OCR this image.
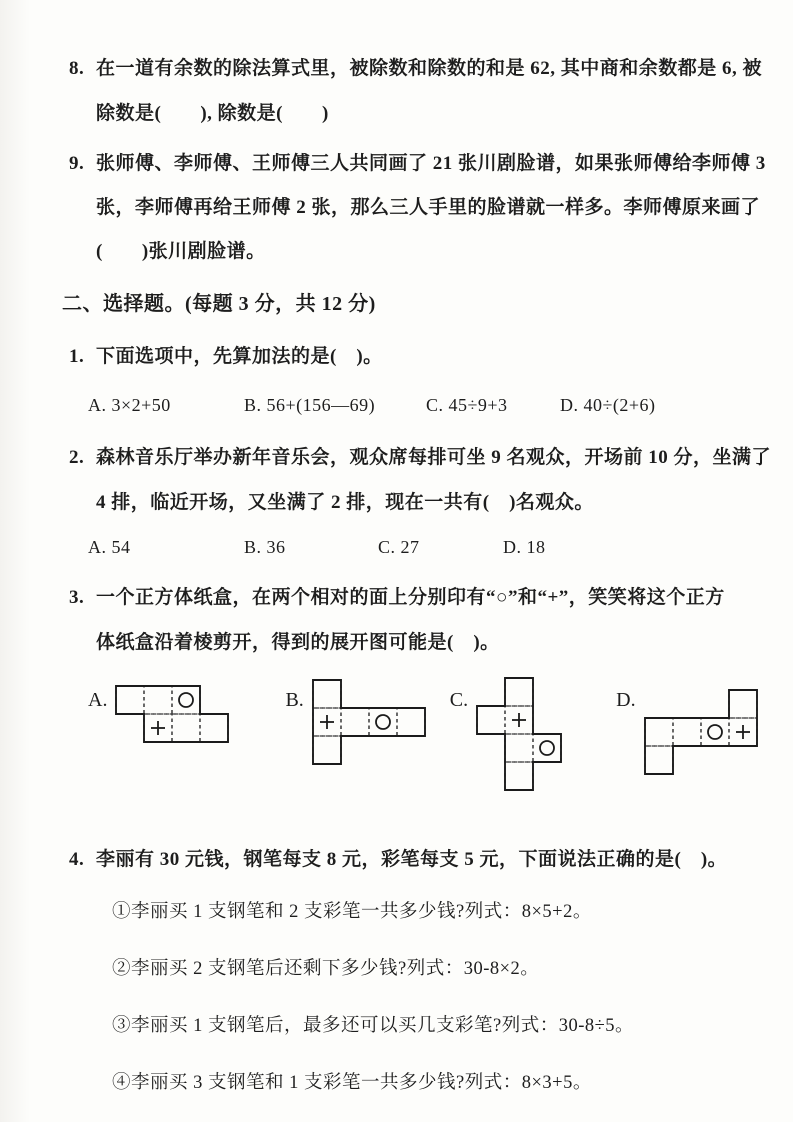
8. 在一道有余数的除法算式里，被除数和除数的和是 62, 其中商和余数都是 6, 被
除数是(　　), 除数是(　　)
9. 张师傅、李师傅、王师傅三人共同画了 21 张川剧脸谱，如果张师傅给李师傅 3
张，李师傅再给王师傅 2 张，那么三人手里的脸谱就一样多。李师傅原来画了
(　　)张川剧脸谱。
二、选择题。(每题 3 分，共 12 分)
1. 下面选项中，先算加法的是(　)。
A. 3×2+50	B. 56+(156—69)	C. 45÷9+3	D. 40÷(2+6)
2. 森林音乐厅举办新年音乐会，观众席每排可坐 9 名观众，开场前 10 分，坐满了
4 排，临近开场，又坐满了 2 排，现在一共有(　)名观众。
A. 54	B. 36	C. 27	D. 18
3. 一个正方体纸盒，在两个相对的面上分别印有“○”和“+”，笑笑将这个正方
体纸盒沿着棱剪开，得到的展开图可能是(　)。
A.	B.	C.	D.
4. 李丽有 30 元钱，钢笔每支 8 元，彩笔每支 5 元，下面说法正确的是(　)。
①李丽买 1 支钢笔和 2 支彩笔一共多少钱?列式：8×5+2。
②李丽买 2 支钢笔后还剩下多少钱?列式：30-8×2。
③李丽买 1 支钢笔后，最多还可以买几支彩笔?列式：30-8÷5。
④李丽买 3 支钢笔和 1 支彩笔一共多少钱?列式：8×3+5。
